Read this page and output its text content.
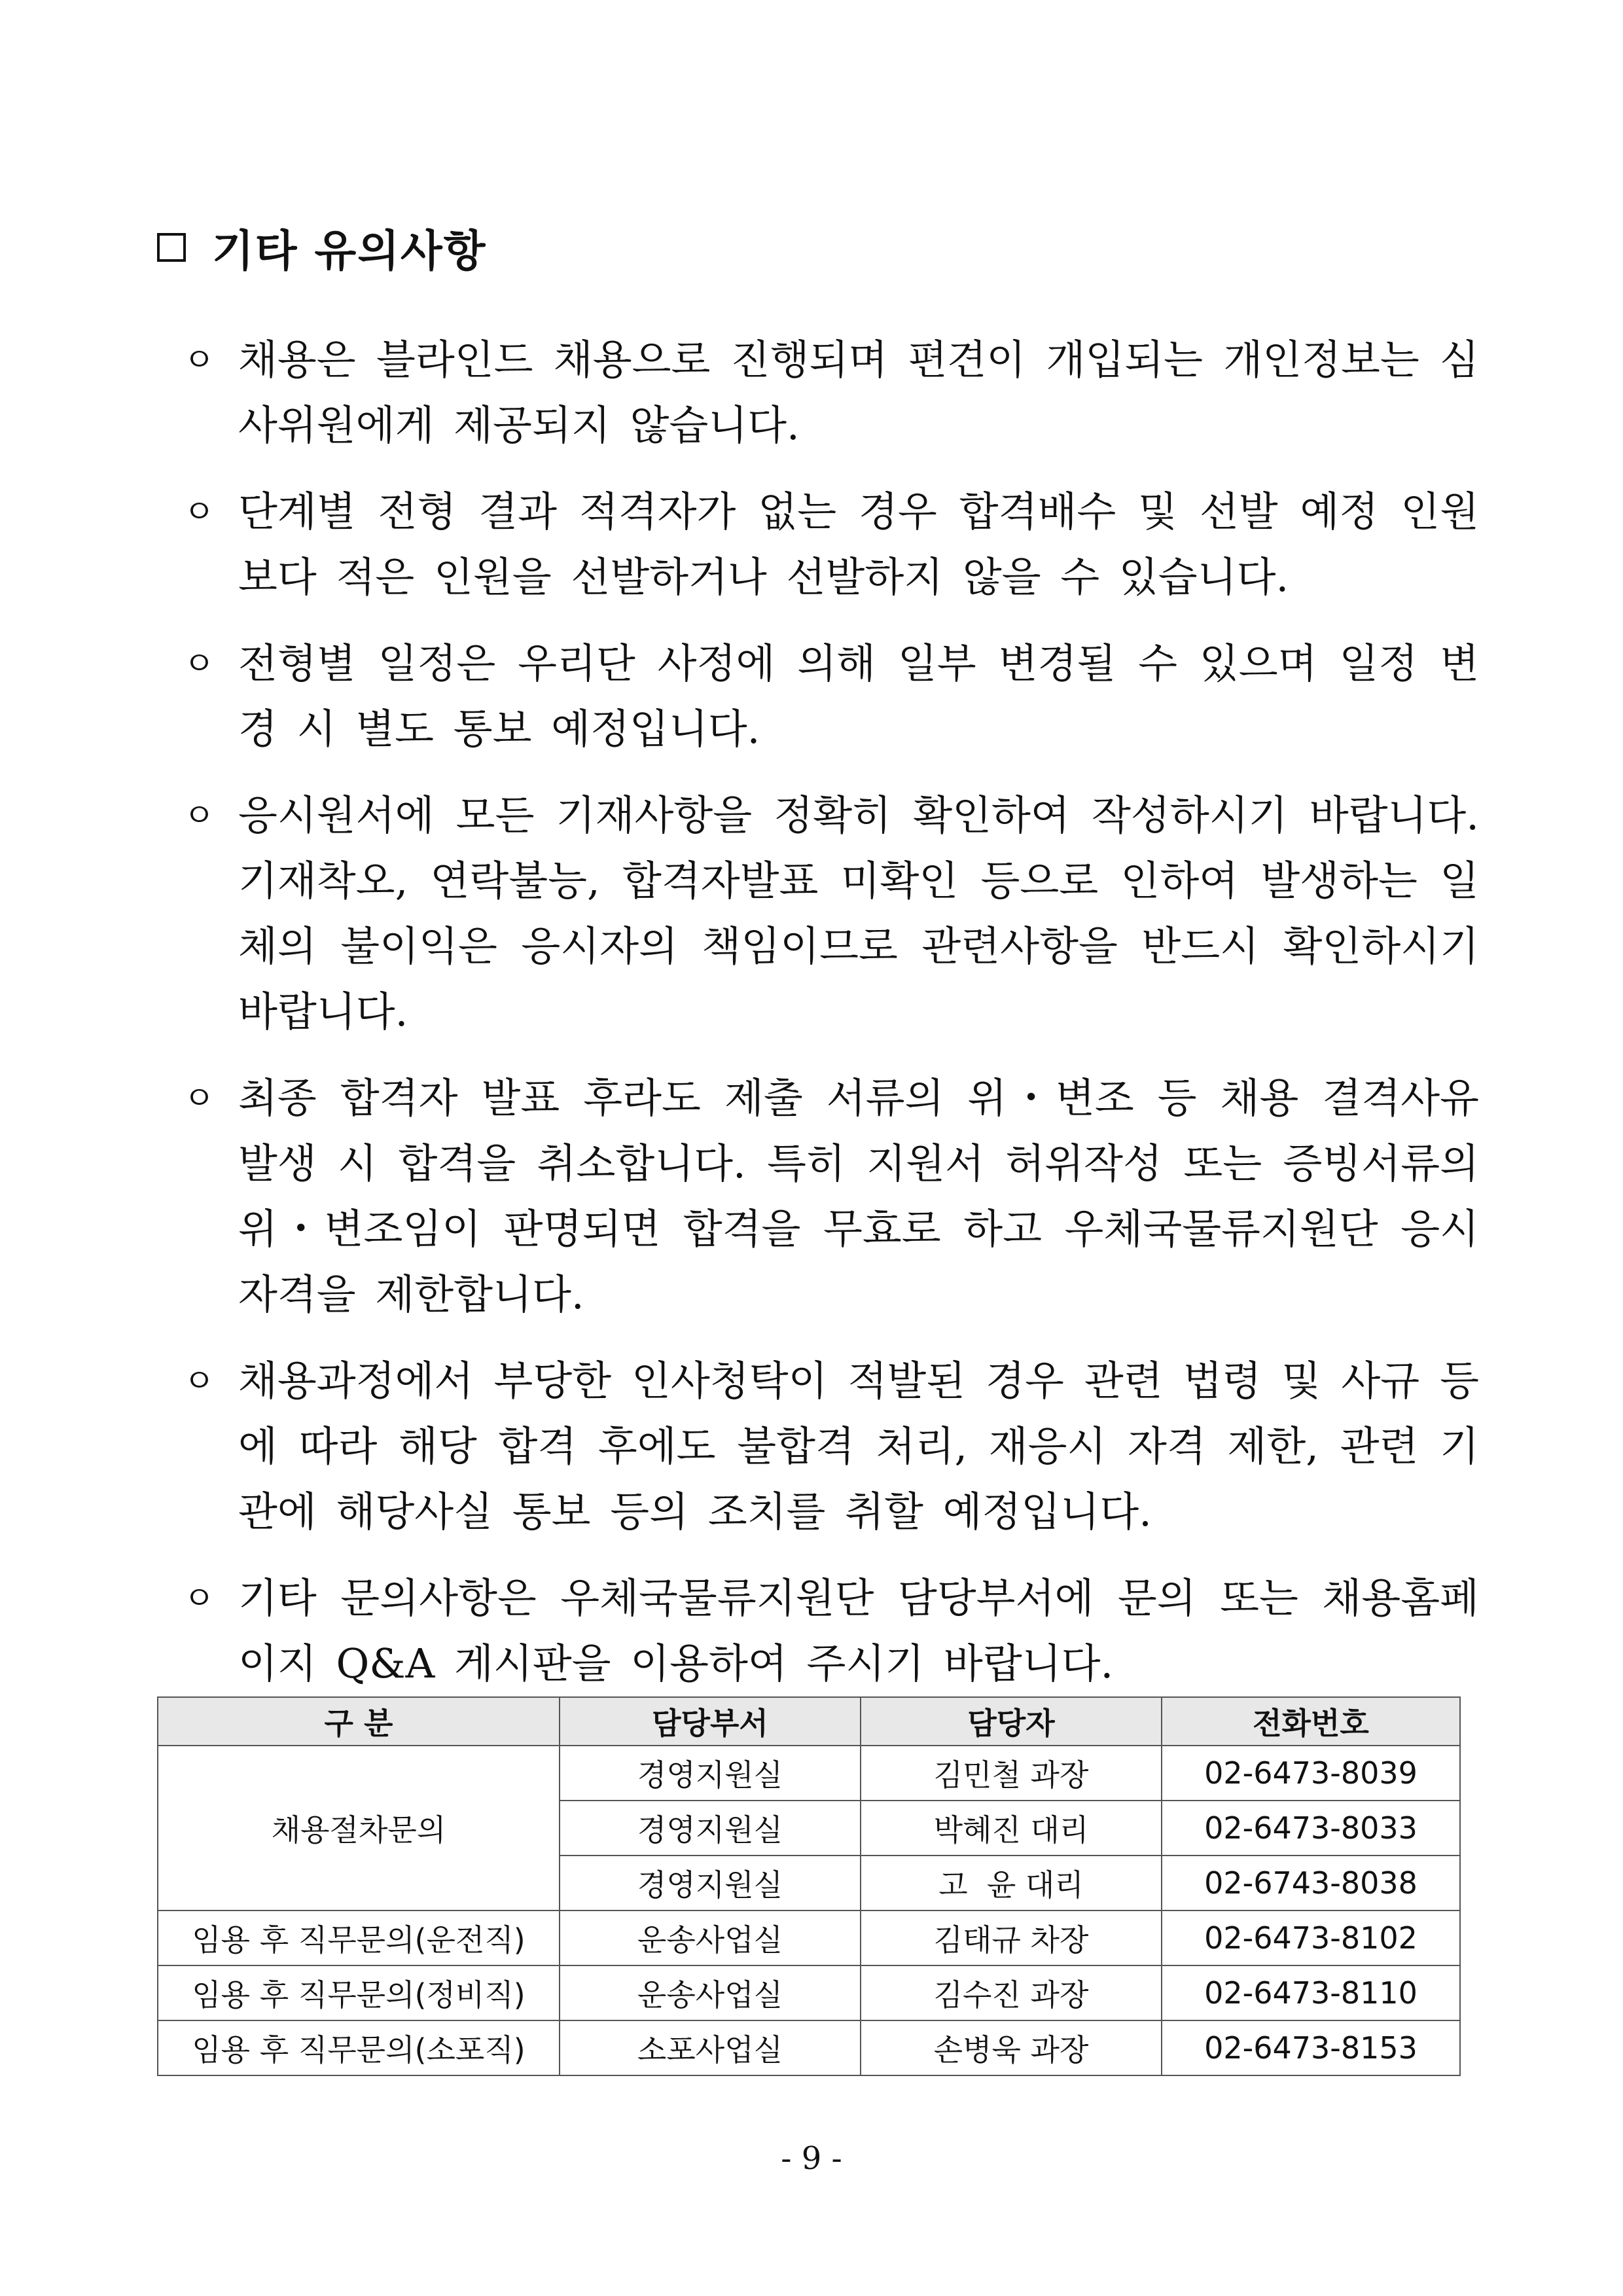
기타 유의사항
ㅇ 채용은 블라인드 채용으로 진행되며 편견이 개입되는 개인정보는 심사위원에게 제공되지 않습니다.
ㅇ 단계별 전형 결과 적격자가 없는 경우 합격배수 및 선발 예정 인원보다 적은 인원을 선발하거나 선발하지 않을 수 있습니다.
ㅇ 전형별 일정은 우리단 사정에 의해 일부 변경될 수 있으며 일정 변경 시 별도 통보 예정입니다.
ㅇ 응시원서에 모든 기재사항을 정확히 확인하여 작성하시기 바랍니다. 기재착오, 연락불능, 합격자발표 미확인 등으로 인하여 발생하는 일체의 불이익은 응시자의 책임이므로 관련사항을 반드시 확인하시기 바랍니다.
ㅇ 최종 합격자 발표 후라도 제출 서류의 위・변조 등 채용 결격사유 발생 시 합격을 취소합니다. 특히 지원서 허위작성 또는 증빙서류의 위・변조임이 판명되면 합격을 무효로 하고 우체국물류지원단 응시 자격을 제한합니다.
ㅇ 채용과정에서 부당한 인사청탁이 적발된 경우 관련 법령 및 사규 등에 따라 해당 합격 후에도 불합격 처리, 재응시 자격 제한, 관련 기관에 해당사실 통보 등의 조치를 취할 예정입니다.
ㅇ 기타 문의사항은 우체국물류지원단 담당부서에 문의 또는 채용홈페이지 Q&A 게시판을 이용하여 주시기 바랍니다.
구 분	담당부서	담당자	전화번호
채용절차문의	경영지원실	김민철 과장	02-6473-8039
	경영지원실	박혜진 대리	02-6473-8033
	경영지원실	고  윤 대리	02-6743-8038
임용 후 직무문의(운전직)	운송사업실	김태규 차장	02-6473-8102
임용 후 직무문의(정비직)	운송사업실	김수진 과장	02-6473-8110
임용 후 직무문의(소포직)	소포사업실	손병욱 과장	02-6473-8153
- 9 -
